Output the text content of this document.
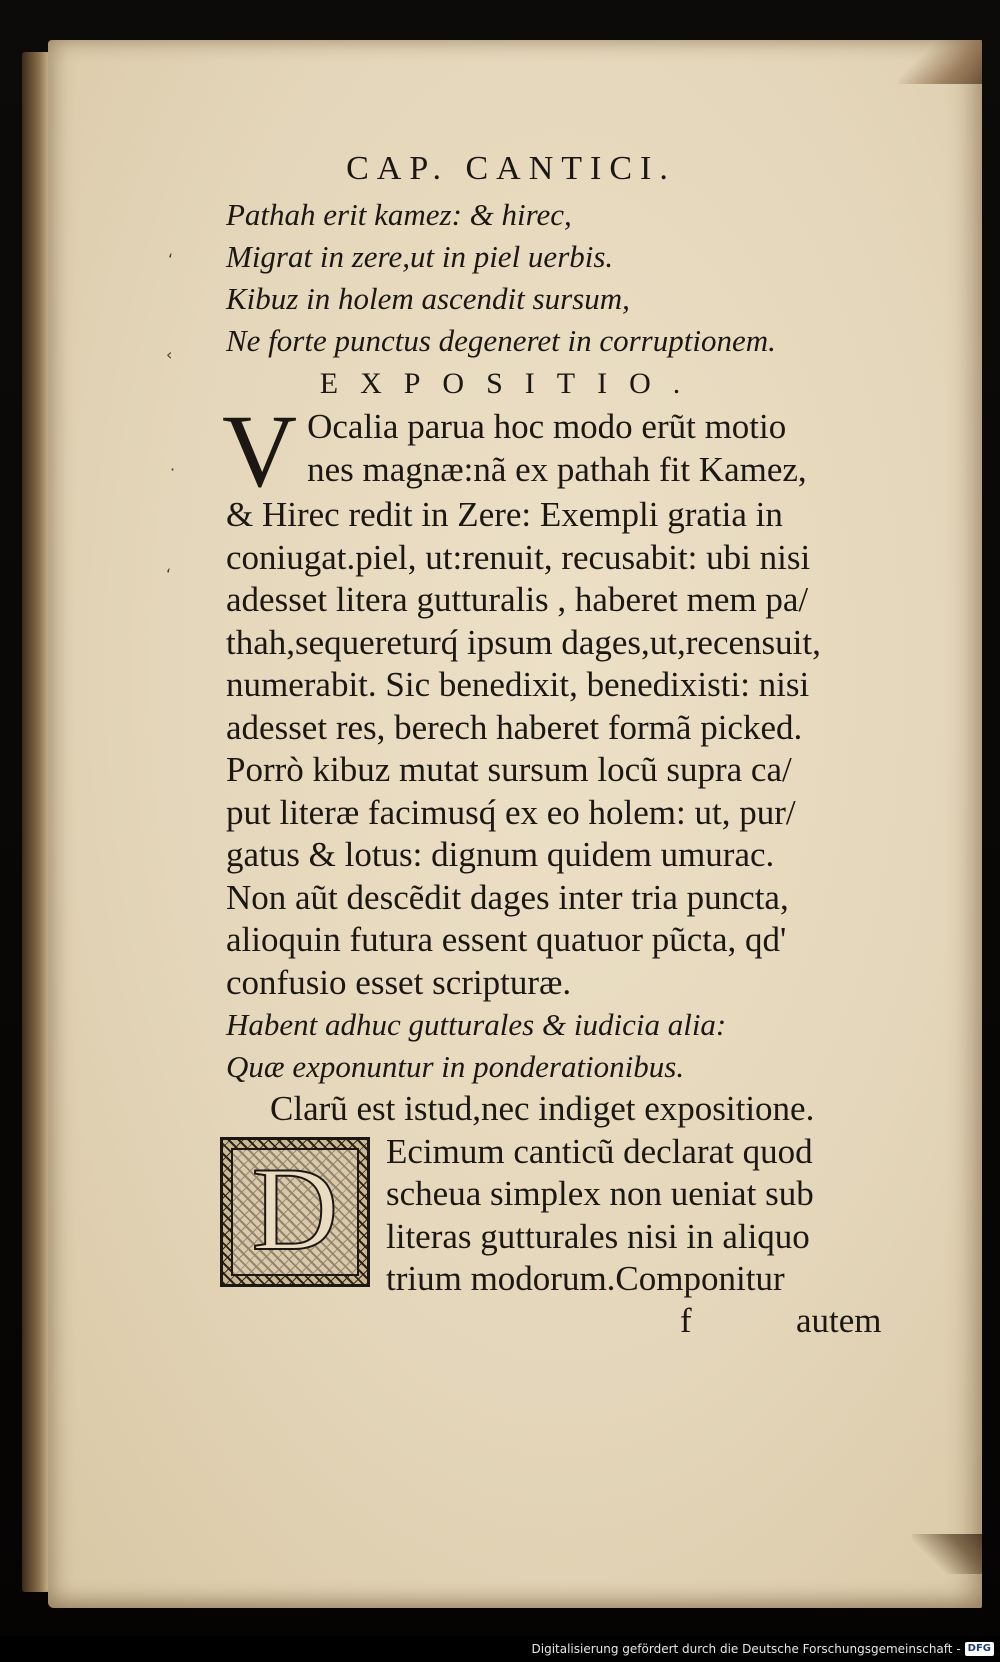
‘
‹
·
‘
CAP. CANTICI.

Pathah erit kamez: & hirec,

Migrat in zere,ut in piel uerbis.

Kibuz in holem ascendit sursum,

Ne forte punctus degeneret in corruptionem.

EXPOSITIO.
V Ocalia parua hoc modo erũt motio

nes magnæ:nã ex pathah fit Kamez,

& Hirec redit in Zere: Exempli gratia in

coniugat.piel, ut:renuit, recusabit: ubi nisi

adesset litera gutturalis , haberet mem pa/

thah,sequereturq́ ipsum dages,ut,recensuit,

numerabit. Sic benedixit, benedixisti: nisi

adesset res, berech haberet formã picked.

Porrò kibuz mutat sursum locũ supra ca/

put literæ facimusq́ ex eo holem: ut, pur/

gatus & lotus: dignum quidem umurac.

Non aũt descẽdit dages inter tria puncta,

alioquin futura essent quatuor pũcta, qd'

confusio esset scripturæ.

Habent adhuc gutturales & iudicia alia:

Quæ exponuntur in ponderationibus.

Clarũ est istud,nec indiget expositione.

D	Ecimum canticũ declarat quod

scheua simplex non ueniat sub

literas gutturales nisi in aliquo

trium modorum.Componitur

f	autem
Digitalisierung gefördert durch die Deutsche Forschungsgemeinschaft - DFG
